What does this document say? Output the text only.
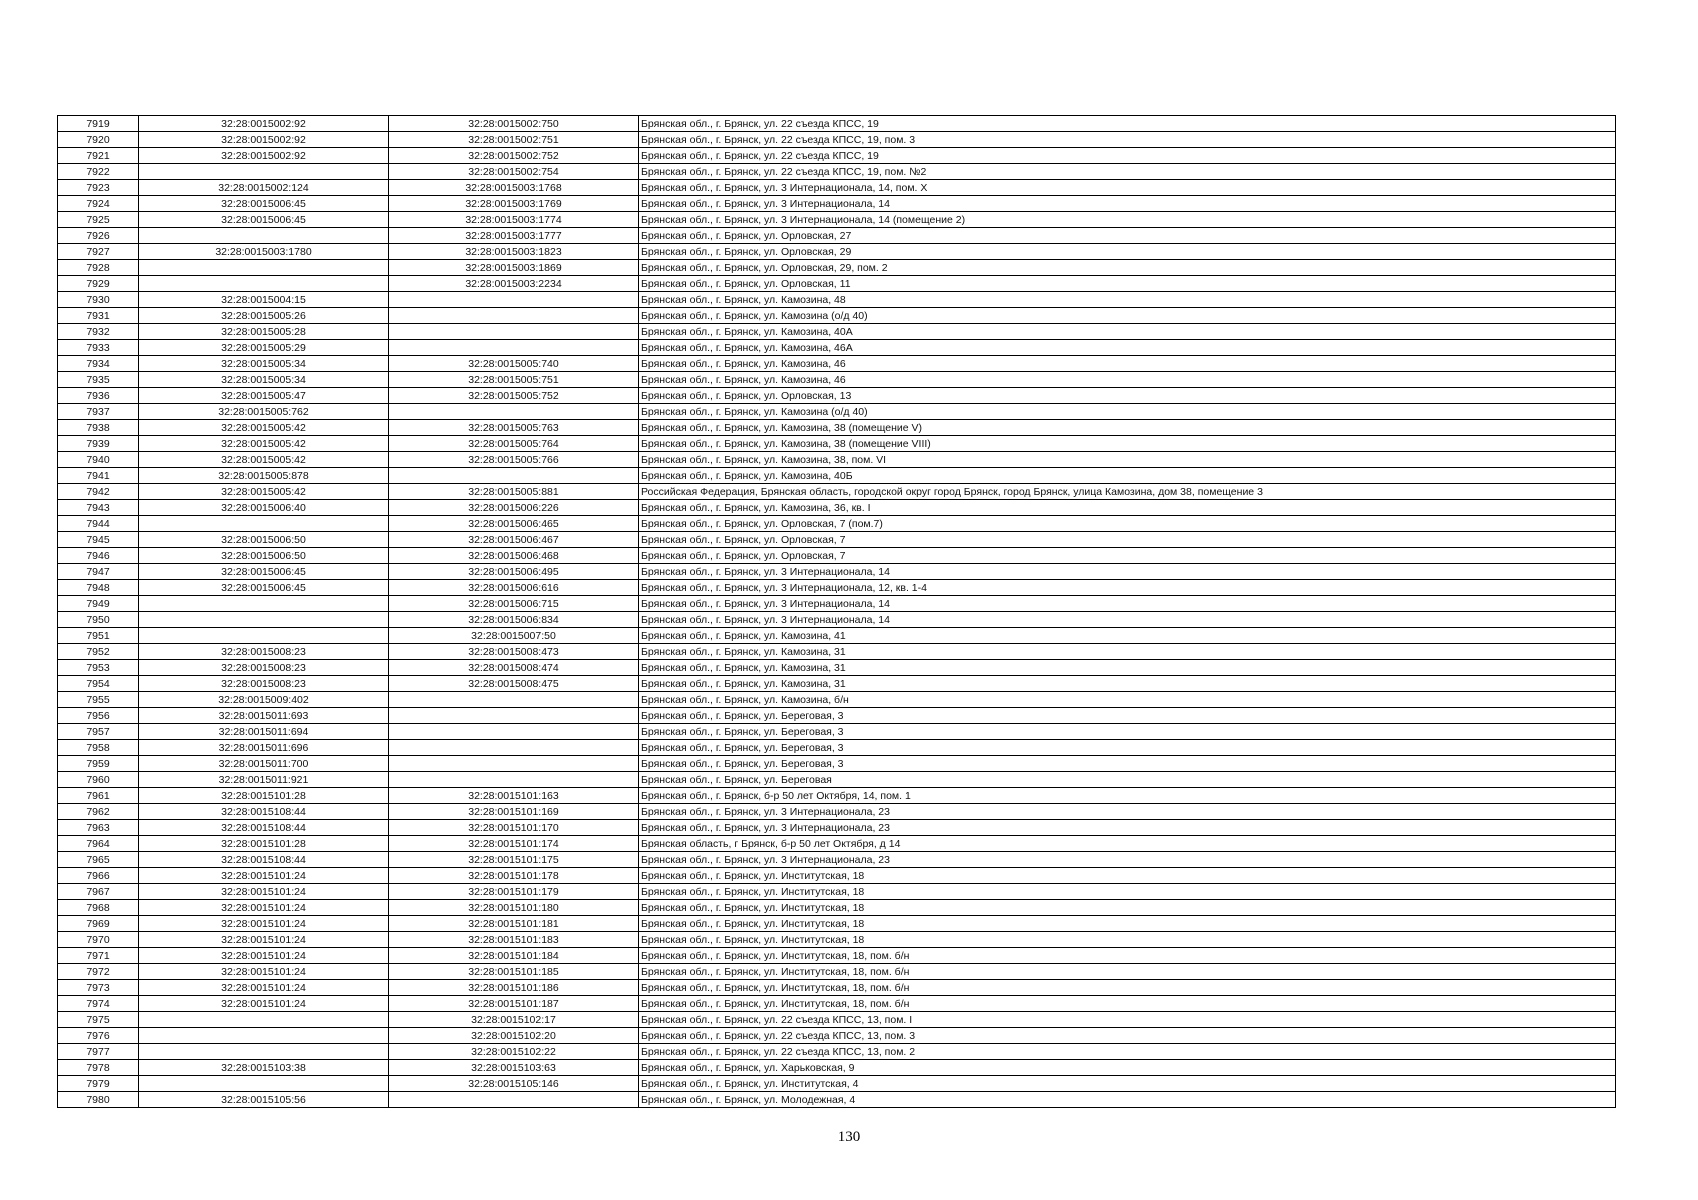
7919	32:28:0015002:92	32:28:0015002:750	Брянская обл., г. Брянск, ул. 22 съезда КПСС, 19
7920	32:28:0015002:92	32:28:0015002:751	Брянская обл., г. Брянск, ул. 22 съезда КПСС, 19, пом. 3
7921	32:28:0015002:92	32:28:0015002:752	Брянская обл., г. Брянск, ул. 22 съезда КПСС, 19
7922		32:28:0015002:754	Брянская обл., г. Брянск, ул. 22 съезда КПСС, 19, пом. №2
7923	32:28:0015002:124	32:28:0015003:1768	Брянская обл., г. Брянск, ул. 3 Интернационала, 14, пом. X
7924	32:28:0015006:45	32:28:0015003:1769	Брянская обл., г. Брянск, ул. 3 Интернационала, 14
7925	32:28:0015006:45	32:28:0015003:1774	Брянская обл., г. Брянск, ул. 3 Интернационала, 14 (помещение 2)
7926		32:28:0015003:1777	Брянская обл., г. Брянск, ул. Орловская, 27
7927	32:28:0015003:1780	32:28:0015003:1823	Брянская обл., г. Брянск, ул. Орловская, 29
7928		32:28:0015003:1869	Брянская обл., г. Брянск, ул. Орловская, 29, пом. 2
7929		32:28:0015003:2234	Брянская обл., г. Брянск, ул. Орловская, 11
7930	32:28:0015004:15		Брянская обл., г. Брянск, ул. Камозина, 48
7931	32:28:0015005:26		Брянская обл., г. Брянск, ул. Камозина (о/д 40)
7932	32:28:0015005:28		Брянская обл., г. Брянск, ул. Камозина, 40А
7933	32:28:0015005:29		Брянская обл., г. Брянск, ул. Камозина, 46А
7934	32:28:0015005:34	32:28:0015005:740	Брянская обл., г. Брянск, ул. Камозина, 46
7935	32:28:0015005:34	32:28:0015005:751	Брянская обл., г. Брянск, ул. Камозина, 46
7936	32:28:0015005:47	32:28:0015005:752	Брянская обл., г. Брянск, ул. Орловская, 13
7937	32:28:0015005:762		Брянская обл., г. Брянск, ул. Камозина (о/д 40)
7938	32:28:0015005:42	32:28:0015005:763	Брянская обл., г. Брянск, ул. Камозина, 38 (помещение V)
7939	32:28:0015005:42	32:28:0015005:764	Брянская обл., г. Брянск, ул. Камозина, 38 (помещение VIII)
7940	32:28:0015005:42	32:28:0015005:766	Брянская обл., г. Брянск, ул. Камозина, 38, пом. VI
7941	32:28:0015005:878		Брянская обл., г. Брянск, ул. Камозина, 40Б
7942	32:28:0015005:42	32:28:0015005:881	Российская Федерация, Брянская область, городской округ город Брянск, город Брянск, улица Камозина, дом 38, помещение 3
7943	32:28:0015006:40	32:28:0015006:226	Брянская обл., г. Брянск, ул. Камозина, 36, кв. I
7944		32:28:0015006:465	Брянская обл., г. Брянск, ул. Орловская, 7 (пом.7)
7945	32:28:0015006:50	32:28:0015006:467	Брянская обл., г. Брянск, ул. Орловская, 7
7946	32:28:0015006:50	32:28:0015006:468	Брянская обл., г. Брянск, ул. Орловская, 7
7947	32:28:0015006:45	32:28:0015006:495	Брянская обл., г. Брянск, ул. 3 Интернационала, 14
7948	32:28:0015006:45	32:28:0015006:616	Брянская обл., г. Брянск, ул. 3 Интернационала, 12, кв. 1-4
7949		32:28:0015006:715	Брянская обл., г. Брянск, ул. 3 Интернационала, 14
7950		32:28:0015006:834	Брянская обл., г. Брянск, ул. 3 Интернационала, 14
7951		32:28:0015007:50	Брянская обл., г. Брянск, ул. Камозина, 41
7952	32:28:0015008:23	32:28:0015008:473	Брянская обл., г. Брянск, ул. Камозина, 31
7953	32:28:0015008:23	32:28:0015008:474	Брянская обл., г. Брянск, ул. Камозина, 31
7954	32:28:0015008:23	32:28:0015008:475	Брянская обл., г. Брянск, ул. Камозина, 31
7955	32:28:0015009:402		Брянская обл., г. Брянск, ул. Камозина, б/н
7956	32:28:0015011:693		Брянская обл., г. Брянск, ул. Береговая, 3
7957	32:28:0015011:694		Брянская обл., г. Брянск, ул. Береговая, 3
7958	32:28:0015011:696		Брянская обл., г. Брянск, ул. Береговая, 3
7959	32:28:0015011:700		Брянская обл., г. Брянск, ул. Береговая, 3
7960	32:28:0015011:921		Брянская обл., г. Брянск, ул. Береговая
7961	32:28:0015101:28	32:28:0015101:163	Брянская обл., г. Брянск, б-р 50 лет Октября, 14, пом. 1
7962	32:28:0015108:44	32:28:0015101:169	Брянская обл., г. Брянск, ул. 3 Интернационала, 23
7963	32:28:0015108:44	32:28:0015101:170	Брянская обл., г. Брянск, ул. 3 Интернационала, 23
7964	32:28:0015101:28	32:28:0015101:174	Брянская область, г Брянск, б-р 50 лет Октября, д 14
7965	32:28:0015108:44	32:28:0015101:175	Брянская обл., г. Брянск, ул. 3 Интернационала, 23
7966	32:28:0015101:24	32:28:0015101:178	Брянская обл., г. Брянск, ул. Институтская, 18
7967	32:28:0015101:24	32:28:0015101:179	Брянская обл., г. Брянск, ул. Институтская, 18
7968	32:28:0015101:24	32:28:0015101:180	Брянская обл., г. Брянск, ул. Институтская, 18
7969	32:28:0015101:24	32:28:0015101:181	Брянская обл., г. Брянск, ул. Институтская, 18
7970	32:28:0015101:24	32:28:0015101:183	Брянская обл., г. Брянск, ул. Институтская, 18
7971	32:28:0015101:24	32:28:0015101:184	Брянская обл., г. Брянск, ул. Институтская, 18, пом. б/н
7972	32:28:0015101:24	32:28:0015101:185	Брянская обл., г. Брянск, ул. Институтская, 18, пом. б/н
7973	32:28:0015101:24	32:28:0015101:186	Брянская обл., г. Брянск, ул. Институтская, 18, пом. б/н
7974	32:28:0015101:24	32:28:0015101:187	Брянская обл., г. Брянск, ул. Институтская, 18, пом. б/н
7975		32:28:0015102:17	Брянская обл., г. Брянск, ул. 22 съезда КПСС, 13, пом. I
7976		32:28:0015102:20	Брянская обл., г. Брянск, ул. 22 съезда КПСС, 13, пом. 3
7977		32:28:0015102:22	Брянская обл., г. Брянск, ул. 22 съезда КПСС, 13, пом. 2
7978	32:28:0015103:38	32:28:0015103:63	Брянская обл., г. Брянск, ул. Харьковская, 9
7979		32:28:0015105:146	Брянская обл., г. Брянск, ул. Институтская, 4
7980	32:28:0015105:56		Брянская обл., г. Брянск, ул. Молодежная, 4
130
